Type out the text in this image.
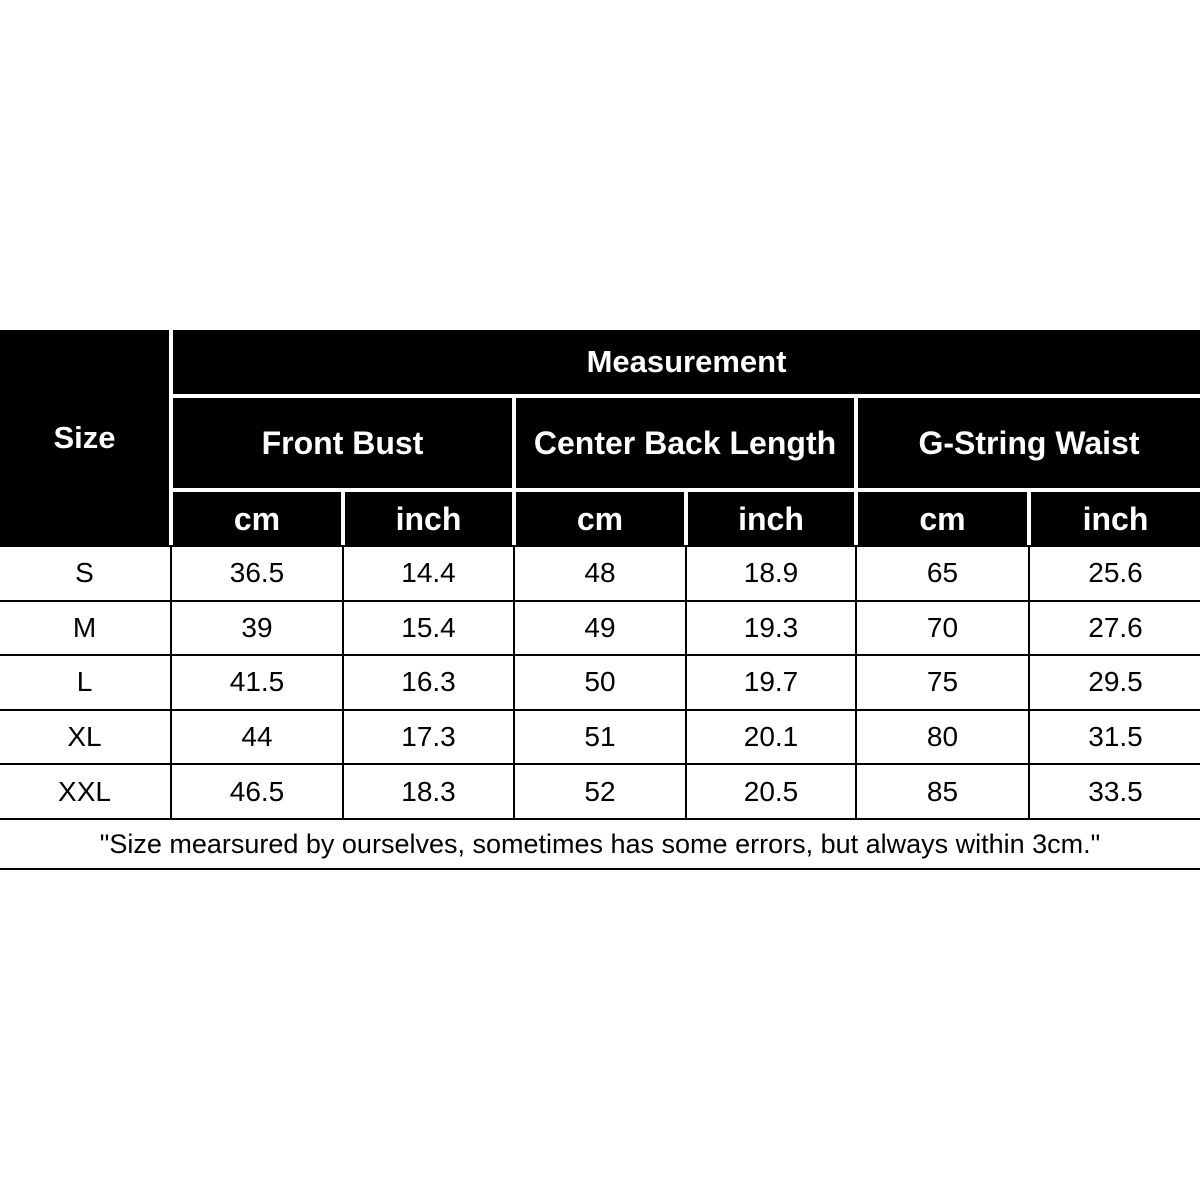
Size
Measurement
Front Bust	Center Back Length	G-String Waist
cm	inch	cm	inch	cm	inch
S	36.5	14.4	48	18.9	65	25.6
M	39	15.4	49	19.3	70	27.6
L	41.5	16.3	50	19.7	75	29.5
XL	44	17.3	51	20.1	80	31.5
XXL	46.5	18.3	52	20.5	85	33.5
"Size mearsured by ourselves, sometimes has some errors, but always within 3cm."
